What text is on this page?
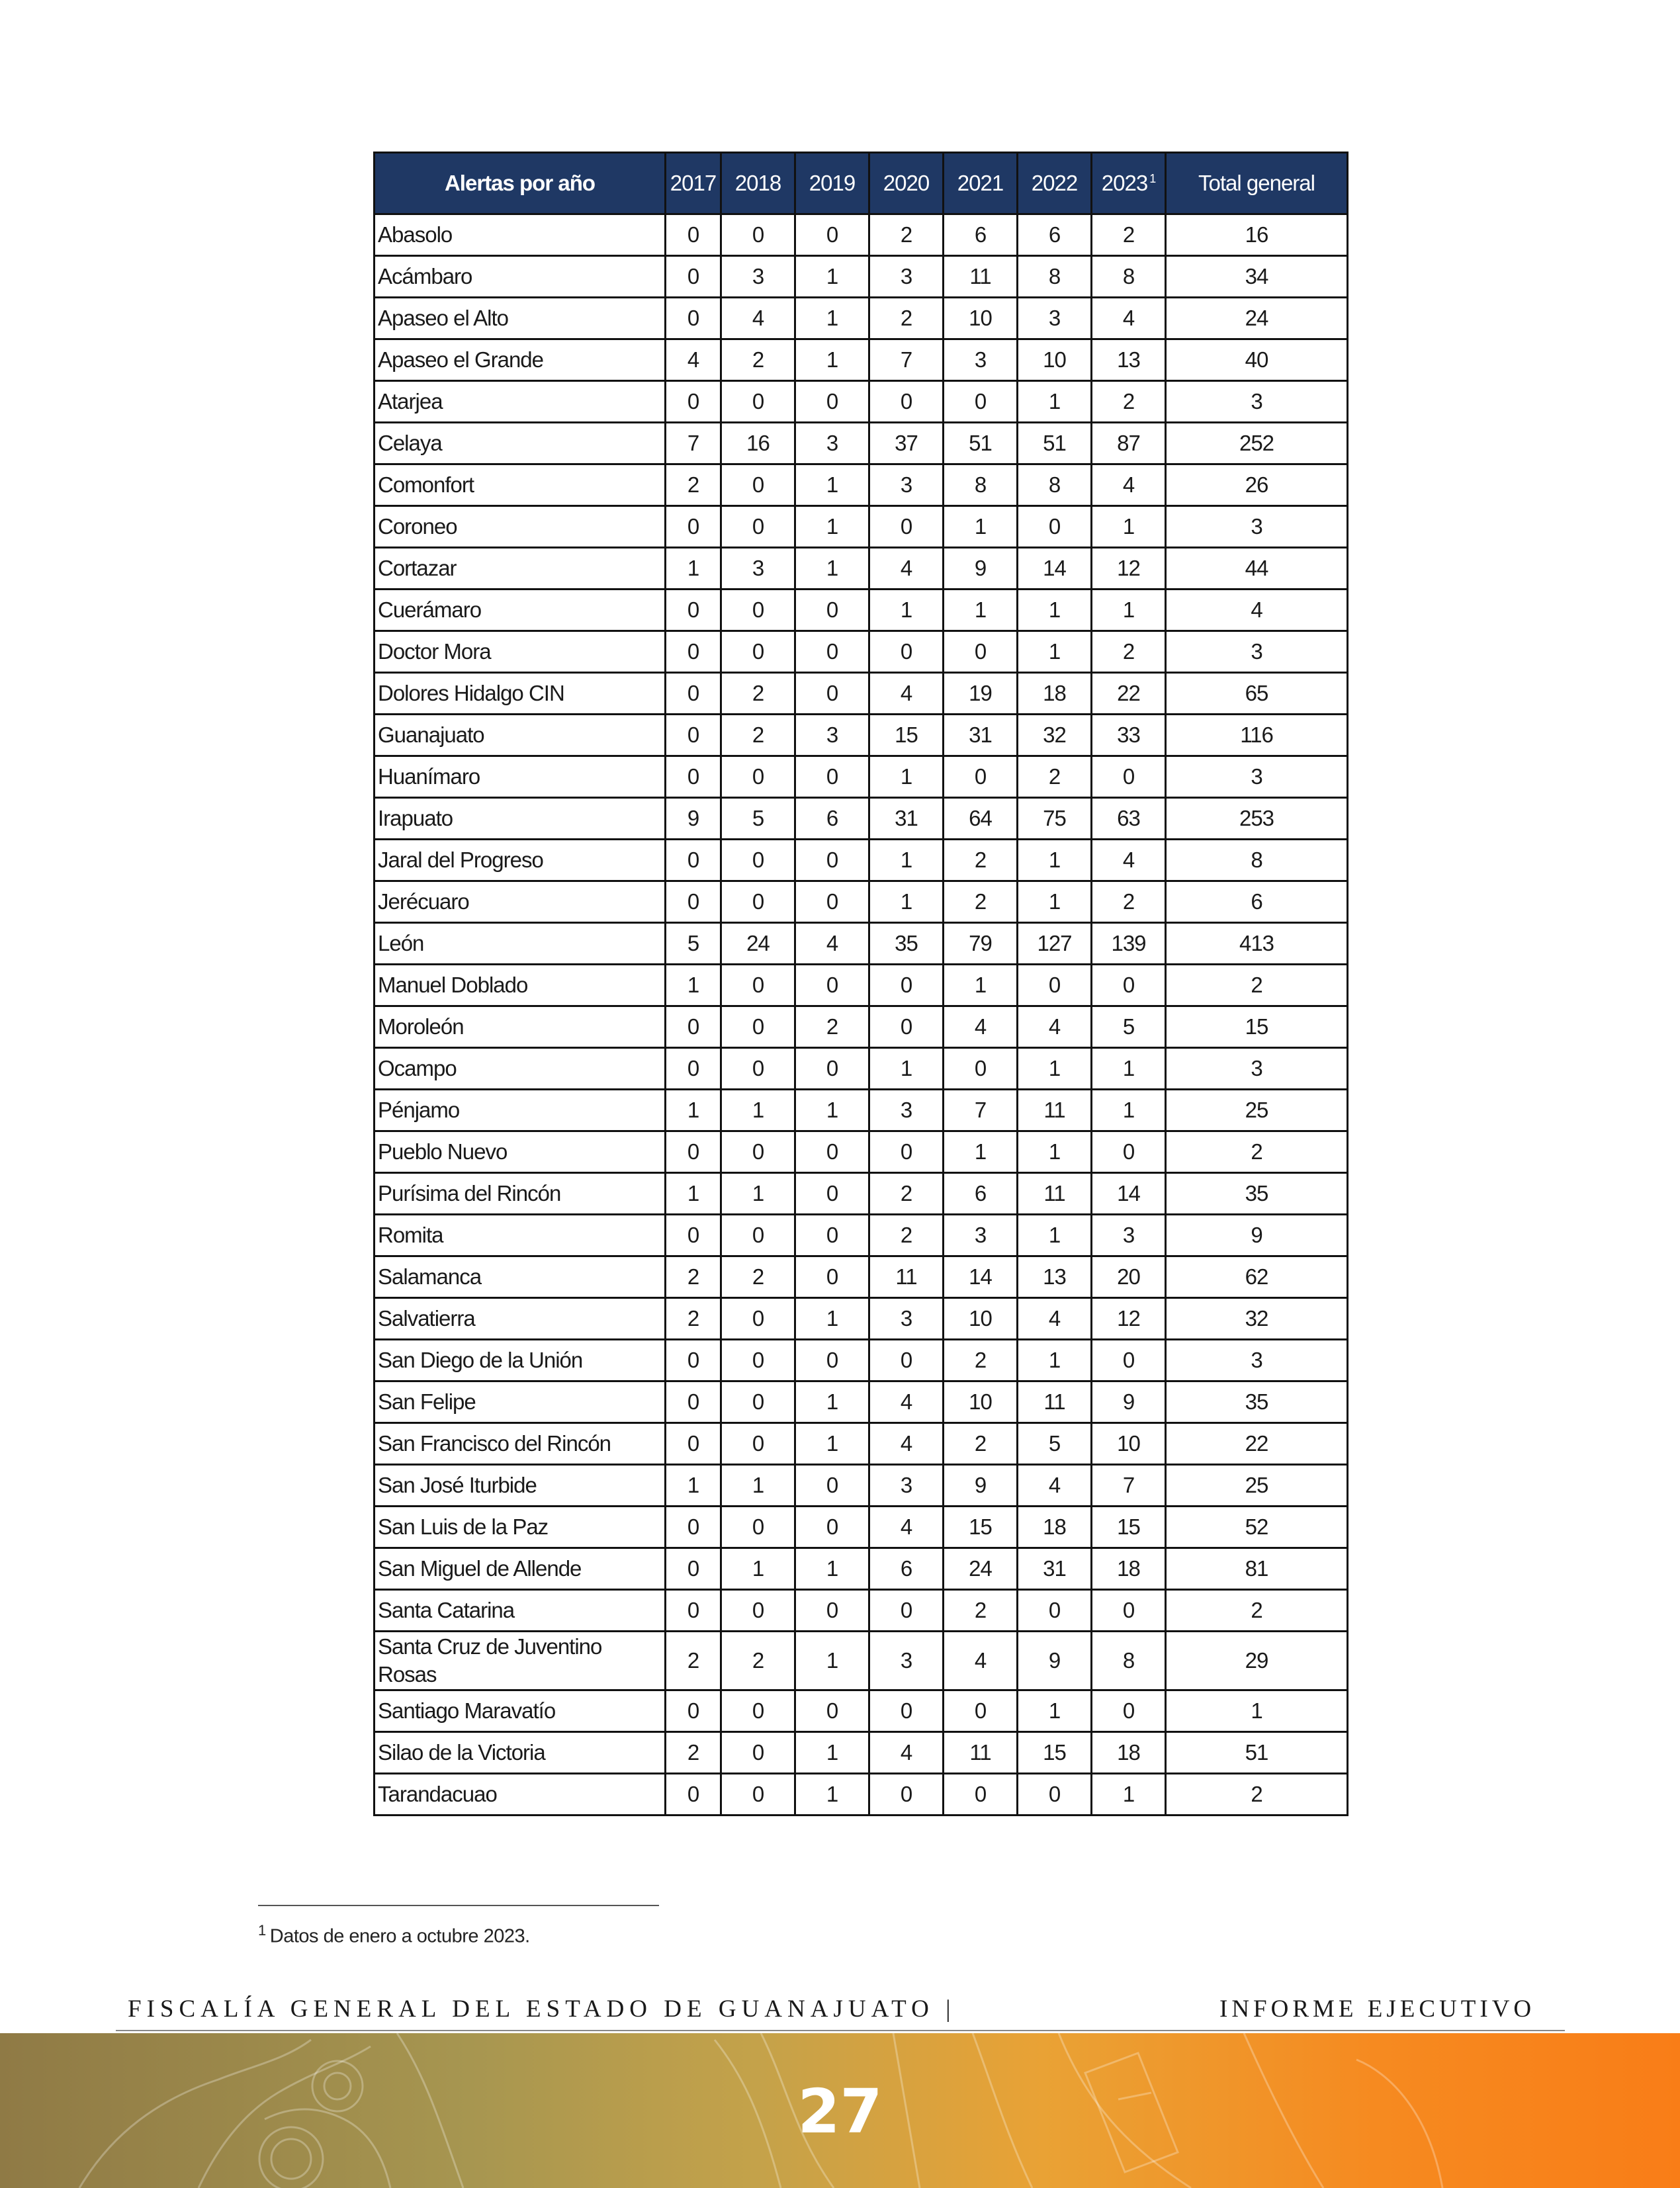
Alertas por año	2017	2018	2019	2020	2021	2022	2023 $^1$	Total general
Abasolo	0	0	0	2	6	6	2	16
Acámbaro	0	3	1	3	11	8	8	34
Apaseo el Alto	0	4	1	2	10	3	4	24
Apaseo el Grande	4	2	1	7	3	10	13	40
Atarjea	0	0	0	0	0	1	2	3
Celaya	7	16	3	37	51	51	87	252
Comonfort	2	0	1	3	8	8	4	26
Coroneo	0	0	1	0	1	0	1	3
Cortazar	1	3	1	4	9	14	12	44
Cuerámaro	0	0	0	1	1	1	1	4
Doctor Mora	0	0	0	0	0	1	2	3
Dolores Hidalgo CIN	0	2	0	4	19	18	22	65
Guanajuato	0	2	3	15	31	32	33	116
Huanímaro	0	0	0	1	0	2	0	3
Irapuato	9	5	6	31	64	75	63	253
Jaral del Progreso	0	0	0	1	2	1	4	8
Jerécuaro	0	0	0	1	2	1	2	6
León	5	24	4	35	79	127	139	413
Manuel Doblado	1	0	0	0	1	0	0	2
Moroleón	0	0	2	0	4	4	5	15
Ocampo	0	0	0	1	0	1	1	3
Pénjamo	1	1	1	3	7	11	1	25
Pueblo Nuevo	0	0	0	0	1	1	0	2
Purísima del Rincón	1	1	0	2	6	11	14	35
Romita	0	0	0	2	3	1	3	9
Salamanca	2	2	0	11	14	13	20	62
Salvatierra	2	0	1	3	10	4	12	32
San Diego de la Unión	0	0	0	0	2	1	0	3
San Felipe	0	0	1	4	10	11	9	35
San Francisco del Rincón	0	0	1	4	2	5	10	22
San José Iturbide	1	1	0	3	9	4	7	25
San Luis de la Paz	0	0	0	4	15	18	15	52
San Miguel de Allende	0	1	1	6	24	31	18	81
Santa Catarina	0	0	0	0	2	0	0	2
Santa Cruz de Juventino Rosas	2	2	1	3	4	9	8	29
Santiago Maravatío	0	0	0	0	0	1	0	1
Silao de la Victoria	2	0	1	4	11	15	18	51
Tarandacuao	0	0	1	0	0	0	1	2
$^1$ Datos de enero a octubre 2023.
FISCALÍA GENERAL DEL ESTADO DE GUANAJUATO |	INFORME EJECUTIVO
27
